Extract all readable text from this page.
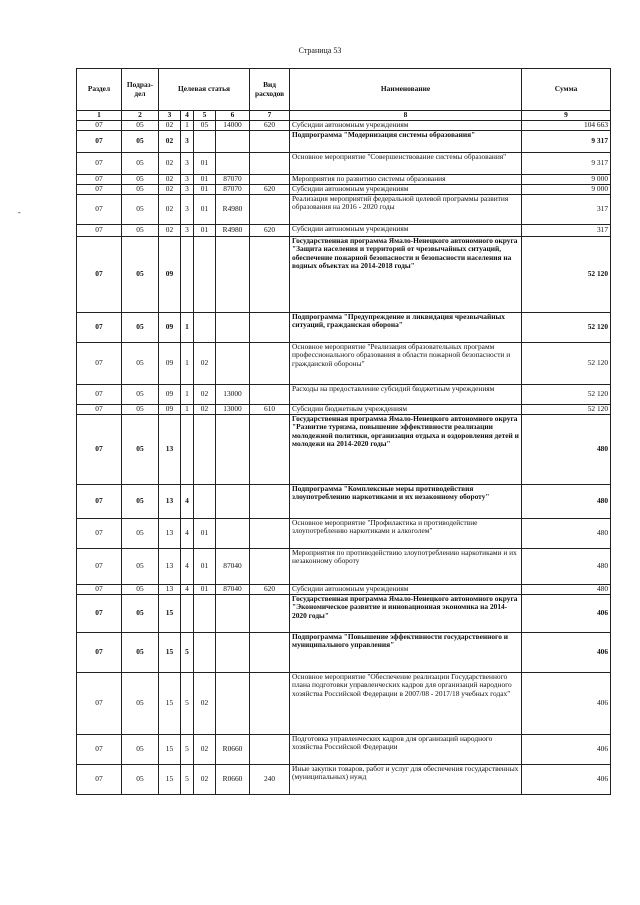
Страница 53
-
Раздел	Подраз-дел	Целевая статья				Вид расходов	Наименование	Сумма
1	2	3	4	5	6	7	8	9
07	05	02	1	05	14000	620	Субсидии автономным учреждениям	104 663
07	05	02	3				Подпрограмма "Модернизация системы образования"	9 317
07	05	02	3	01			Основное мероприятие "Совершенствование системы образования"	9 317
07	05	02	3	01	87070		Мероприятия по развитию системы образования	9 000
07	05	02	3	01	87070	620	Субсидии автономным учреждениям	9 000
07	05	02	3	01	R4980		Реализация мероприятий федеральной целевой программы развития образования на 2016 - 2020 годы	317
07	05	02	3	01	R4980	620	Субсидии автономным учреждениям	317
07	05	09					Государственная программа Ямало-Ненецкого автономного округа "Защита населения и территорий от чрезвычайных ситуаций, обеспечение пожарной безопасности и безопасности населения на водных объектах на 2014-2018 годы"	52 120
07	05	09	1				Подпрограмма "Предупреждение и ликвидация чрезвычайных ситуаций, гражданская оборона"	52 120
07	05	09	1	02			Основное мероприятие "Реализация образовательных программ профессионального образования в области пожарной безопасности и гражданской обороны"	52 120
07	05	09	1	02	13000		Расходы на предоставление субсидий бюджетным учреждениям	52 120
07	05	09	1	02	13000	610	Субсидии бюджетным учреждениям	52 120
07	05	13					Государственная программа Ямало-Ненецкого автономного округа "Развитие туризма, повышение эффективности реализации молодежной политики, организация отдыха и оздоровления детей и молодежи на 2014-2020 годы"	480
07	05	13	4				Подпрограмма "Комплексные меры противодействия злоупотреблению наркотиками и их незаконному обороту"	480
07	05	13	4	01			Основное мероприятие "Профилактика и противодействие злоупотреблению наркотиками и алкоголем"	480
07	05	13	4	01	87040		Мероприятия по противодействию злоупотреблению наркотиками и их незаконному обороту	480
07	05	13	4	01	87040	620	Субсидии автономным учреждениям	480
07	05	15					Государственная программа Ямало-Ненецкого автономного округа "Экономическое развитие и инновационная экономика на 2014-2020 годы"	406
07	05	15	5				Подпрограмма "Повышение эффективности государственного и муниципального управления"	406
07	05	15	5	02			Основное мероприятие "Обеспечение реализации Государственного плана подготовки управленческих кадров для организаций народного хозяйства Российской Федерации в 2007/08 - 2017/18 учебных годах"	406
07	05	15	5	02	R0660		Подготовка управленческих кадров для организаций народного хозяйства Российской Федерации	406
07	05	15	5	02	R0660	240	Иные закупки товаров, работ и услуг для обеспечения государственных (муниципальных) нужд	406
